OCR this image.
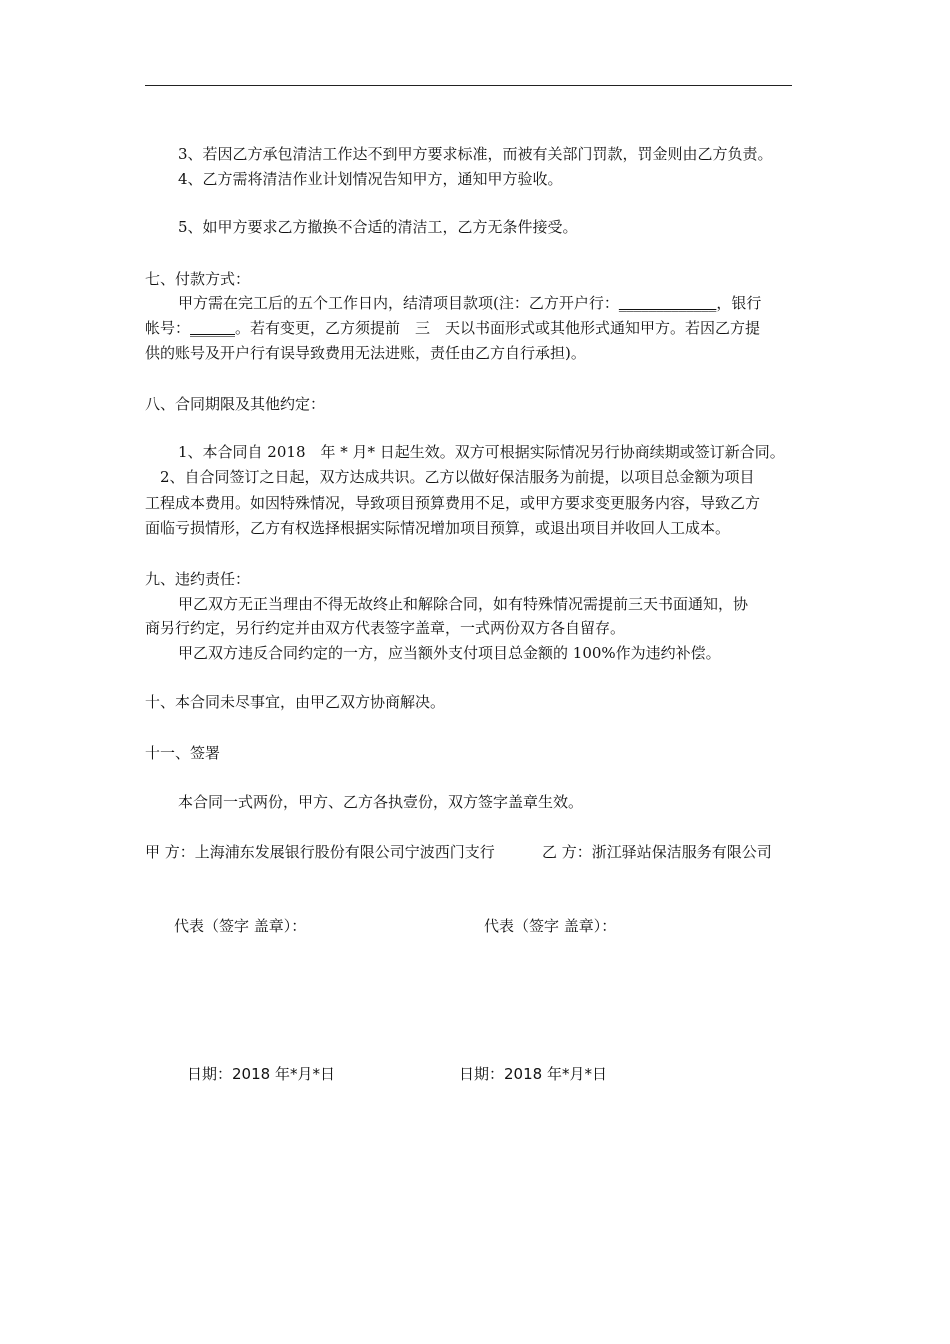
3、若因乙方承包清洁工作达不到甲方要求标准，而被有关部门罚款，罚金则由乙方负责。
4、乙方需将清洁作业计划情况告知甲方，通知甲方验收。
5、如甲方要求乙方撤换不合适的清洁工，乙方无条件接受。
七、付款方式：
甲方需在完工后的五个工作日内，结清项目款项(注：乙方开户行：_____________，银行
帐号：______。若有变更，乙方须提前　三　天以书面形式或其他形式通知甲方。若因乙方提
供的账号及开户行有误导致费用无法进账，责任由乙方自行承担)。
八、合同期限及其他约定：
1、本合同自 2018　年 * 月* 日起生效。双方可根据实际情况另行协商续期或签订新合同。
2、自合同签订之日起，双方达成共识。乙方以做好保洁服务为前提，以项目总金额为项目
工程成本费用。如因特殊情况，导致项目预算费用不足，或甲方要求变更服务内容，导致乙方
面临亏损情形，乙方有权选择根据实际情况增加项目预算，或退出项目并收回人工成本。
九、违约责任：
甲乙双方无正当理由不得无故终止和解除合同，如有特殊情况需提前三天书面通知，协
商另行约定，另行约定并由双方代表签字盖章，一式两份双方各自留存。
甲乙双方违反合同约定的一方，应当额外支付项目总金额的 100%作为违约补偿。
十、本合同未尽事宜，由甲乙双方协商解决。
十一、签署
本合同一式两份，甲方、乙方各执壹份，双方签字盖章生效。
甲 方：上海浦东发展银行股份有限公司宁波西门支行	乙 方：浙江驿站保洁服务有限公司
代表（签字 盖章）：	代表（签字 盖章）：
日期：2018 年*月*日	日期：2018 年*月*日
